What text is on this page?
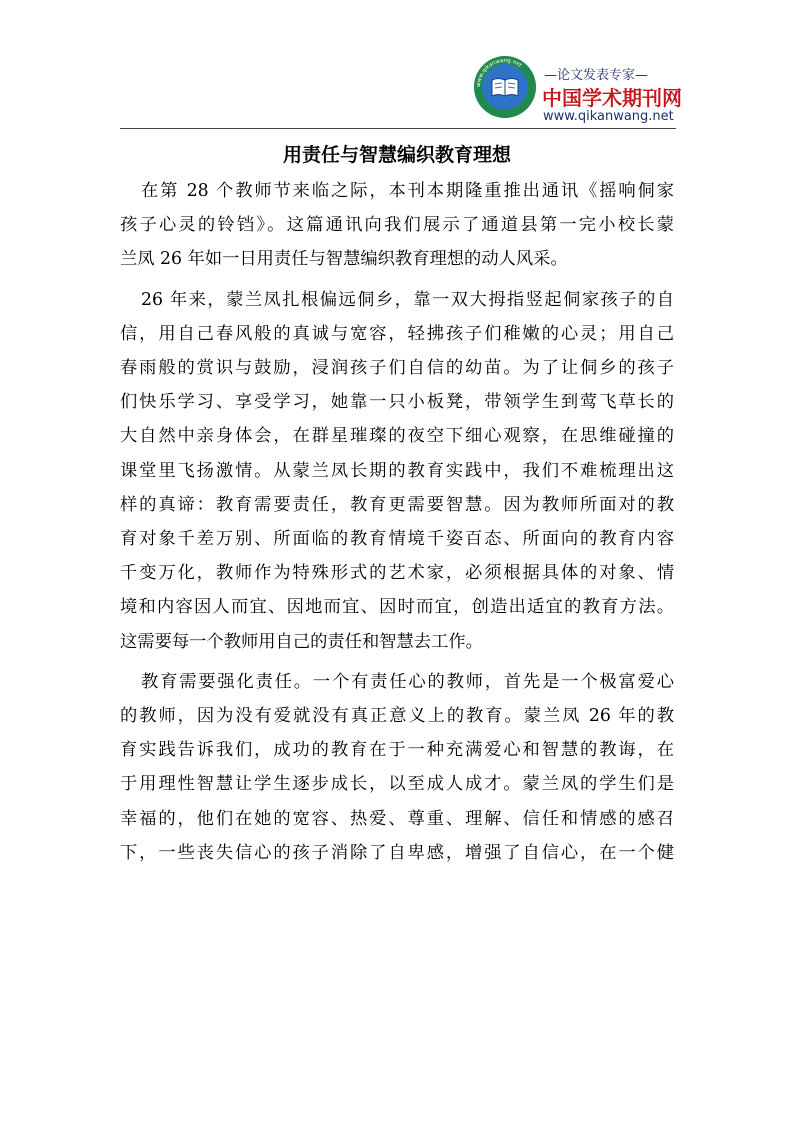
www.qikanwang.net
—论文发表专家—
中国学术期刊网
www.qikanwang.net
用责任与智慧编织教育理想

在第 28 个教师节来临之际，本刊本期隆重推出通讯《摇响侗家
孩子心灵的铃铛》。这篇通讯向我们展示了通道县第一完小校长蒙
兰凤 26 年如一日用责任与智慧编织教育理想的动人风采。

26 年来，蒙兰凤扎根偏远侗乡，靠一双大拇指竖起侗家孩子的自
信，用自己春风般的真诚与宽容，轻拂孩子们稚嫩的心灵；用自己
春雨般的赏识与鼓励，浸润孩子们自信的幼苗。为了让侗乡的孩子
们快乐学习、享受学习，她靠一只小板凳，带领学生到莺飞草长的
大自然中亲身体会，在群星璀璨的夜空下细心观察，在思维碰撞的
课堂里飞扬激情。从蒙兰凤长期的教育实践中，我们不难梳理出这
样的真谛：教育需要责任，教育更需要智慧。因为教师所面对的教
育对象千差万别、所面临的教育情境千姿百态、所面向的教育内容
千变万化，教师作为特殊形式的艺术家，必须根据具体的对象、情
境和内容因人而宜、因地而宜、因时而宜，创造出适宜的教育方法。
这需要每一个教师用自己的责任和智慧去工作。

教育需要强化责任。一个有责任心的教师，首先是一个极富爱心
的教师，因为没有爱就没有真正意义上的教育。蒙兰凤 26 年的教
育实践告诉我们，成功的教育在于一种充满爱心和智慧的教诲，在
于用理性智慧让学生逐步成长，以至成人成才。蒙兰凤的学生们是
幸福的，他们在她的宽容、热爱、尊重、理解、信任和情感的感召
下，一些丧失信心的孩子消除了自卑感，增强了自信心，在一个健
